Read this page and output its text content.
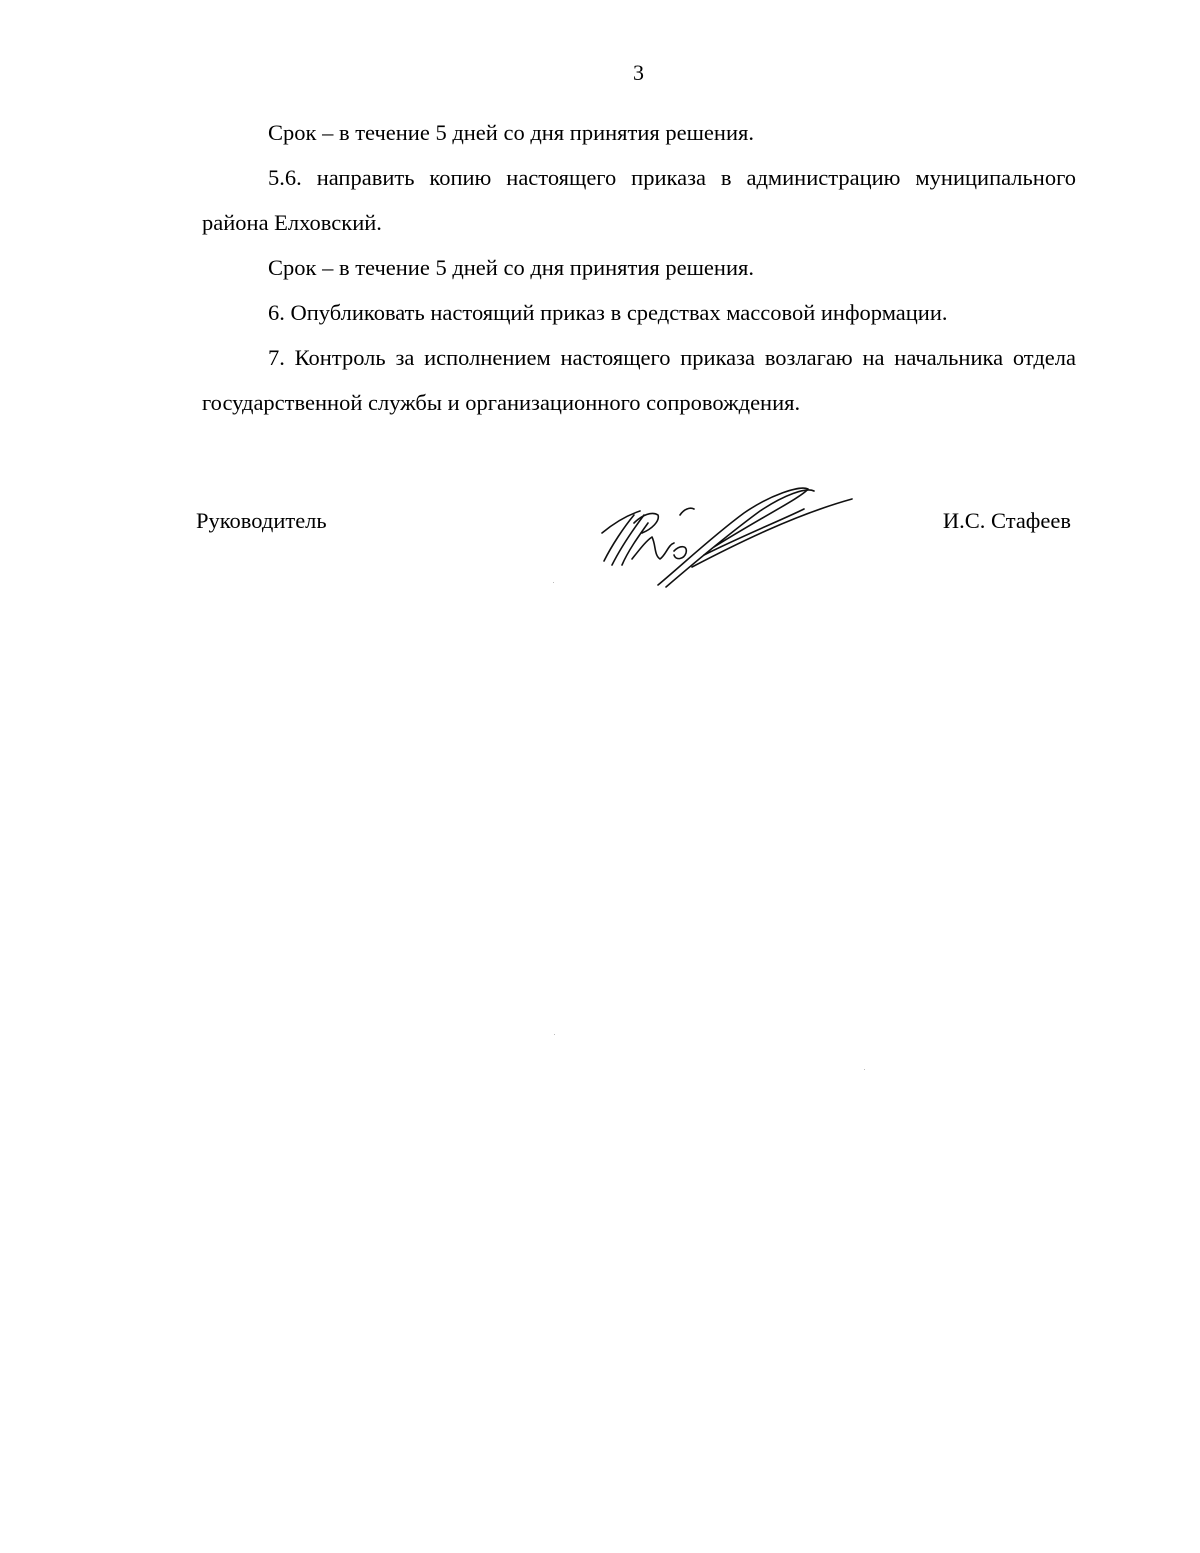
3

Срок – в течение 5 дней со дня принятия решения.

5.6. направить копию настоящего приказа в администрацию муниципального района Елховский.

Срок – в течение 5 дней со дня принятия решения.

6. Опубликовать настоящий приказ в средствах массовой информации.

7. Контроль за исполнением настоящего приказа возлагаю на начальника отдела государственной службы и организационного сопровождения.

Руководитель	И.С. Стафеев
